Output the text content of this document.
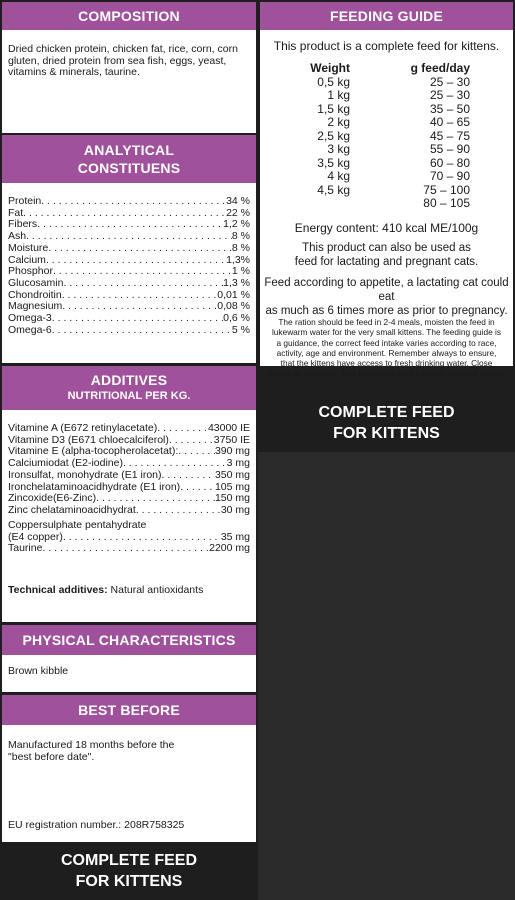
COMPOSITION
Dried chicken protein, chicken fat, rice, corn, corn gluten, dried protein from sea fish, eggs, yeast, vitamins & minerals, taurine.
ANALYTICAL
CONSTITUENS
Protein . . .	34 %
Fat . . .	22 %
Fibers . . .	1,2 %
Ash . . .	8 %
Moisture . . .	8 %
Calcium . . .	1,3%
Phosphor . . .	1 %
Glucosamin . . .	1,3 %
Chondroitin . . .	0,01 %
Magnesium . . .	0,08 %
Omega-3 . . .	0,6 %
Omega-6 . . .	5 %
ADDITIVES
NUTRITIONAL PER KG.
Vitamine A (E672 retinylacetate) . . .	43000 IE
Vitamine D3 (E671 chloecalciferol) . . .	3750 IE
Vitamine E (alpha-tocopherolacetat): . . .	390 mg
Calciumiodat (E2-iodine) . . .	3 mg
Ironsulfat, monohydrate (E1 iron) . . .	350 mg
Ironchelataminoacidhydrate (E1 iron) . . .	105 mg
Zincoxide(E6-Zinc) . . .	150 mg
Zinc chelataminoacidhydrat . . .	30 mg
Coppersulphate pentahydrate
(E4 copper) . . .	35 mg
Taurine . . .	2200 mg
Technical additives: Natural antioxidants
PHYSICAL CHARACTERISTICS
Brown kibble
BEST BEFORE
Manufactured 18 months before the
"best before date".
EU registration number.: 208R758325
COMPLETE FEED
FOR KITTENS
FEEDING GUIDE
This product is a complete feed for kittens.
Weight	g feed/day
0,5 kg	25 – 30
1 kg	25 – 30
1,5 kg	35 – 50
2 kg	40 – 65
2,5 kg	45 – 75
3 kg	55 – 90
3,5 kg	60 – 80
4 kg	70 – 90
4,5 kg	75 – 100
80 – 105
Energy content: 410 kcal ME/100g
This product can also be used as
feed for lactating and pregnant cats.
Feed according to appetite, a lactating cat could eat
as much as 6 times more as prior to pregnancy.
The ration should be feed in 2-4 meals, moisten the feed in
lukewarm water for the very small kittens. The feeding guide is
a guidance, the correct feed intake varies according to race,
activity, age and environment. Remember always to ensure,
that the kittens have access to fresh drinking water. Close
container after use. This keeps the feed fresh for a longer period.
COMPLETE FEED
FOR KITTENS
